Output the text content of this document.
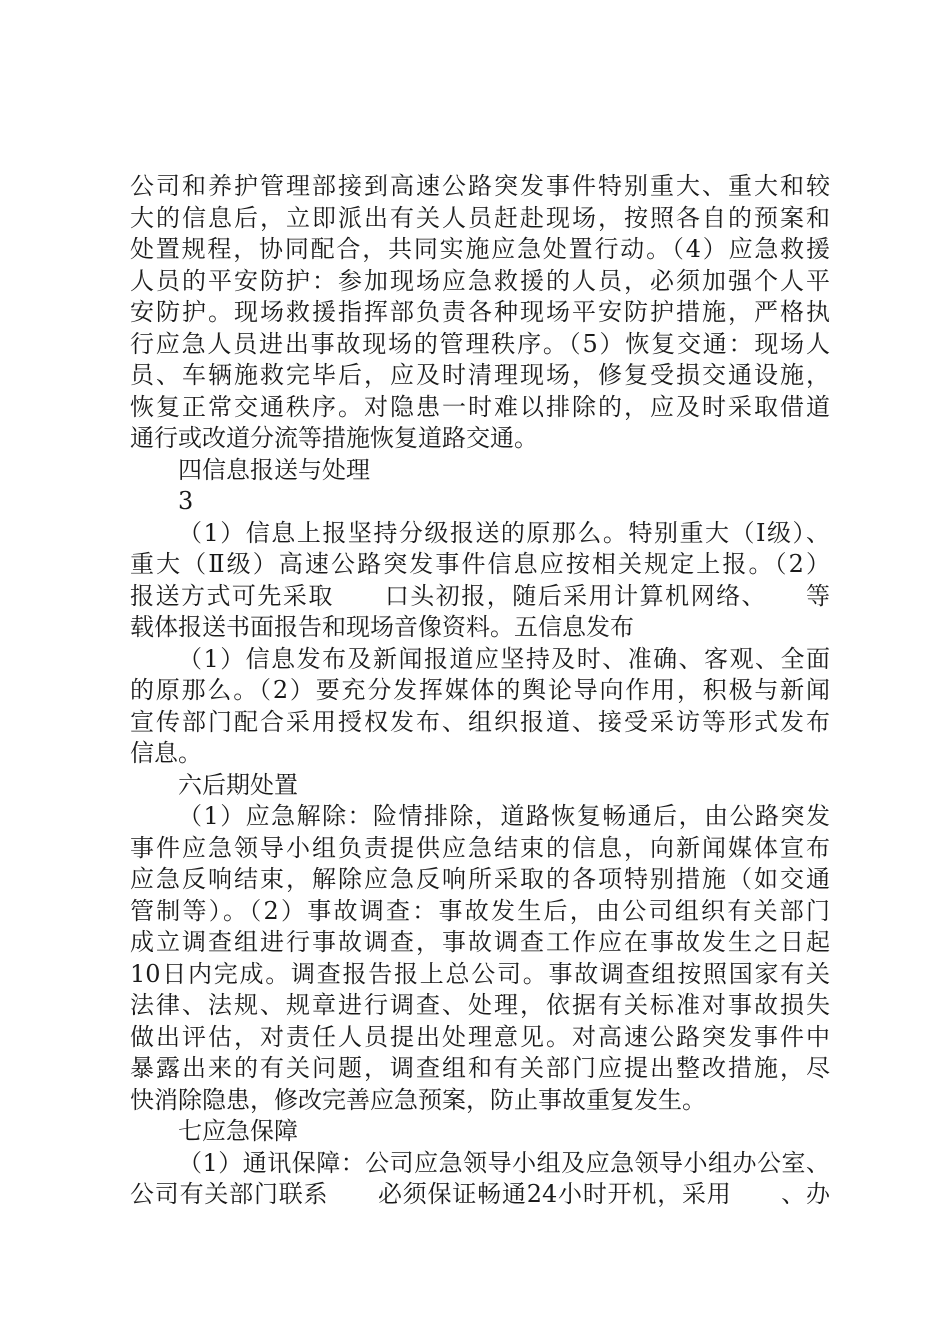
公司和养护管理部接到高速公路突发事件特别重大、重大和较
大的信息后，立即派出有关人员赶赴现场，按照各自的预案和
处置规程，协同配合，共同实施应急处置行动。（4）应急救援
人员的平安防护：参加现场应急救援的人员，必须加强个人平
安防护。现场救援指挥部负责各种现场平安防护措施，严格执
行应急人员进出事故现场的管理秩序。（5）恢复交通：现场人
员、车辆施救完毕后，应及时清理现场，修复受损交通设施，
恢复正常交通秩序。对隐患一时难以排除的，应及时采取借道
通行或改道分流等措施恢复道路交通。
四信息报送与处理
3
（1）信息上报坚持分级报送的原那么。特别重大（Ⅰ级）、
重大（Ⅱ级）高速公路突发事件信息应按相关规定上报。（2）
报送方式可先采取　　口头初报，随后采用计算机网络、　　等
载体报送书面报告和现场音像资料。五信息发布
（1）信息发布及新闻报道应坚持及时、准确、客观、全面
的原那么。（2）要充分发挥媒体的舆论导向作用，积极与新闻
宣传部门配合采用授权发布、组织报道、接受采访等形式发布
信息。
六后期处置
（1）应急解除：险情排除，道路恢复畅通后，由公路突发
事件应急领导小组负责提供应急结束的信息，向新闻媒体宣布
应急反响结束，解除应急反响所采取的各项特别措施（如交通
管制等）。（2）事故调查：事故发生后，由公司组织有关部门
成立调查组进行事故调查，事故调查工作应在事故发生之日起
10日内完成。调查报告报上总公司。事故调查组按照国家有关
法律、法规、规章进行调查、处理，依据有关标准对事故损失
做出评估，对责任人员提出处理意见。对高速公路突发事件中
暴露出来的有关问题，调查组和有关部门应提出整改措施，尽
快消除隐患，修改完善应急预案，防止事故重复发生。
七应急保障
（1）通讯保障：公司应急领导小组及应急领导小组办公室、
公司有关部门联系　　必须保证畅通24小时开机，采用　　、办
